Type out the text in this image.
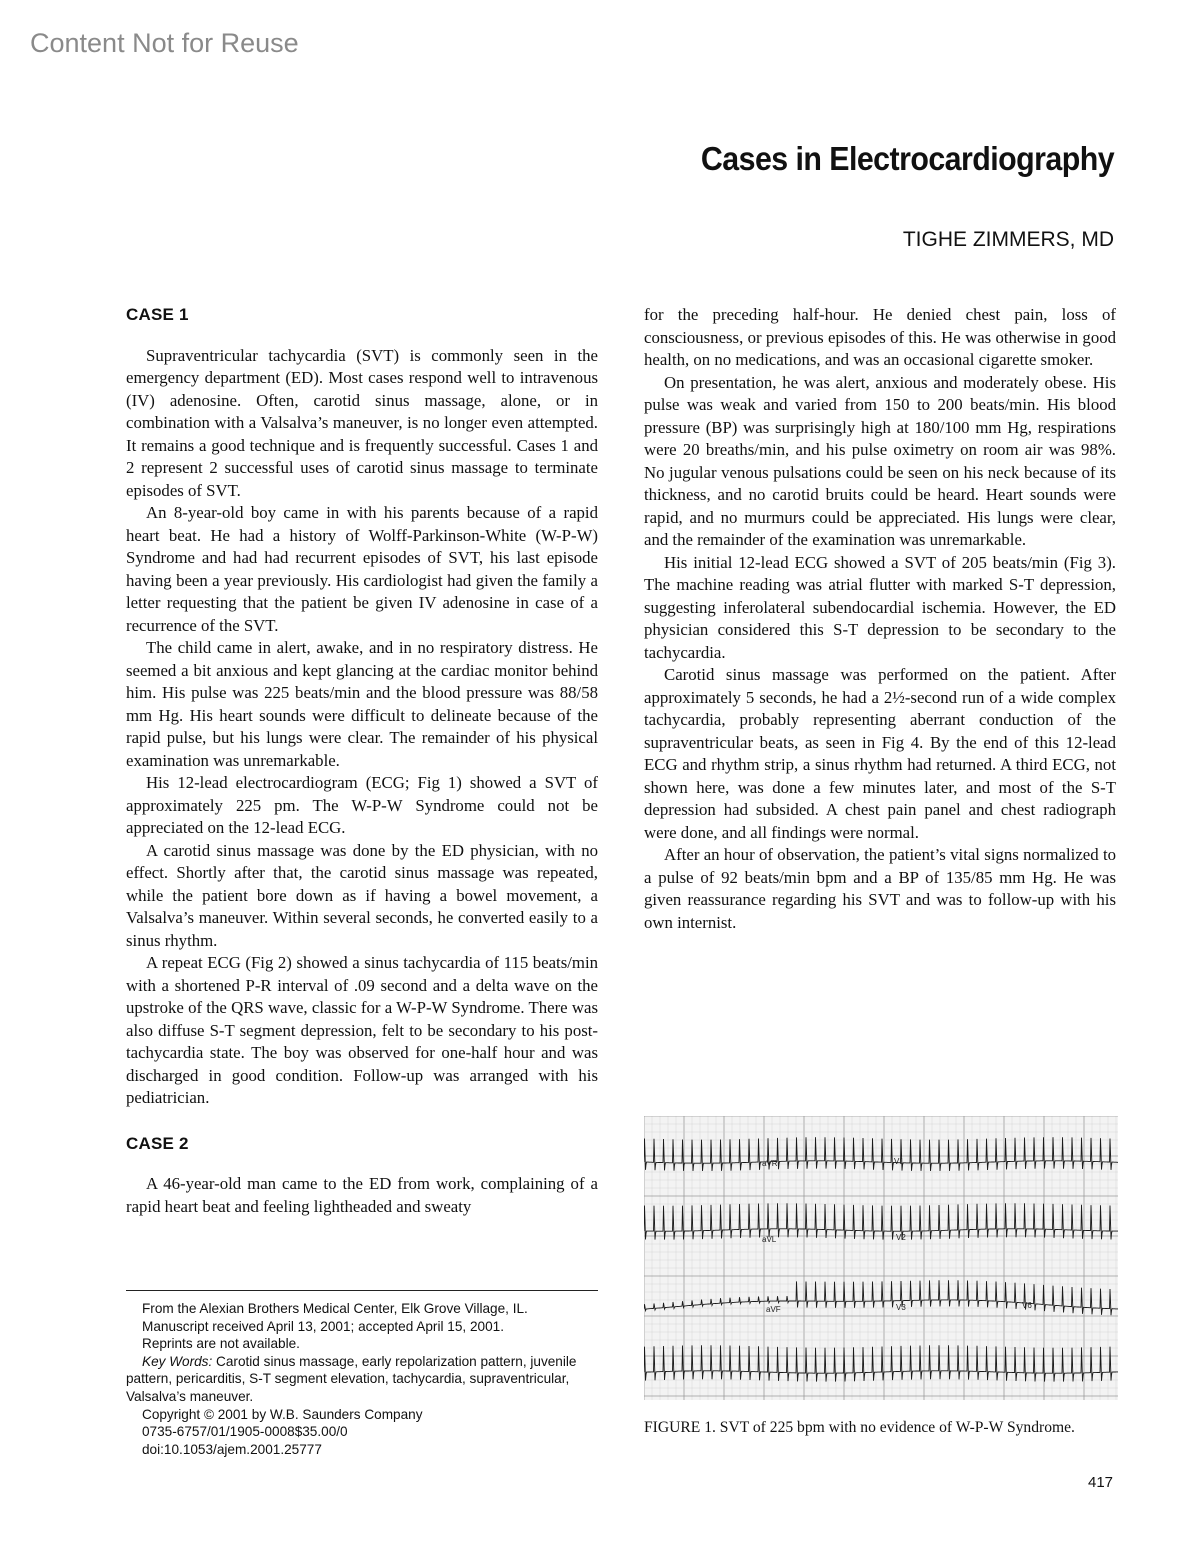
Content Not for Reuse
Cases in Electrocardiography
TIGHE ZIMMERS, MD
CASE 1

Supraventricular tachycardia (SVT) is commonly seen in the emergency department (ED). Most cases respond well to intravenous (IV) adenosine. Often, carotid sinus massage, alone, or in combination with a Valsalva’s maneuver, is no longer even attempted. It remains a good technique and is frequently successful. Cases 1 and 2 represent 2 successful uses of carotid sinus massage to terminate episodes of SVT.

An 8-year-old boy came in with his parents because of a rapid heart beat. He had a history of Wolff-Parkinson-White (W-P-W) Syndrome and had had recurrent episodes of SVT, his last episode having been a year previously. His cardiologist had given the family a letter requesting that the patient be given IV adenosine in case of a recurrence of the SVT.

The child came in alert, awake, and in no respiratory distress. He seemed a bit anxious and kept glancing at the cardiac monitor behind him. His pulse was 225 beats/min and the blood pressure was 88/58 mm Hg. His heart sounds were difficult to delineate because of the rapid pulse, but his lungs were clear. The remainder of his physical examination was unremarkable.

His 12-lead electrocardiogram (ECG; Fig 1) showed a SVT of approximately 225 pm. The W-P-W Syndrome could not be appreciated on the 12-lead ECG.

A carotid sinus massage was done by the ED physician, with no effect. Shortly after that, the carotid sinus massage was repeated, while the patient bore down as if having a bowel movement, a Valsalva’s maneuver. Within several seconds, he converted easily to a sinus rhythm.

A repeat ECG (Fig 2) showed a sinus tachycardia of 115 beats/min with a shortened P-R interval of .09 second and a delta wave on the upstroke of the QRS wave, classic for a W-P-W Syndrome. There was also diffuse S-T segment depression, felt to be secondary to his post-tachycardia state. The boy was observed for one-half hour and was discharged in good condition. Follow-up was arranged with his pediatrician.

CASE 2

A 46-year-old man came to the ED from work, complaining of a rapid heart beat and feeling lightheaded and sweaty

for the preceding half-hour. He denied chest pain, loss of consciousness, or previous episodes of this. He was otherwise in good health, on no medications, and was an occasional cigarette smoker.

On presentation, he was alert, anxious and moderately obese. His pulse was weak and varied from 150 to 200 beats/min. His blood pressure (BP) was surprisingly high at 180/100 mm Hg, respirations were 20 breaths/min, and his pulse oximetry on room air was 98%. No jugular venous pulsations could be seen on his neck because of its thickness, and no carotid bruits could be heard. Heart sounds were rapid, and no murmurs could be appreciated. His lungs were clear, and the remainder of the examination was unremarkable.

His initial 12-lead ECG showed a SVT of 205 beats/min (Fig 3). The machine reading was atrial flutter with marked S-T depression, suggesting inferolateral subendocardial ischemia. However, the ED physician considered this S-T depression to be secondary to the tachycardia.

Carotid sinus massage was performed on the patient. After approximately 5 seconds, he had a 2½-second run of a wide complex tachycardia, probably representing aberrant conduction of the supraventricular beats, as seen in Fig 4. By the end of this 12-lead ECG and rhythm strip, a sinus rhythm had returned. A third ECG, not shown here, was done a few minutes later, and most of the S-T depression had subsided. A chest pain panel and chest radiograph were done, and all findings were normal.

After an hour of observation, the patient’s vital signs normalized to a pulse of 92 beats/min bpm and a BP of 135/85 mm Hg. He was given reassurance regarding his SVT and was to follow-up with his own internist.

From the Alexian Brothers Medical Center, Elk Grove Village, IL.
Manuscript received April 13, 2001; accepted April 15, 2001.
Reprints are not available.
Key Words: Carotid sinus massage, early repolarization pattern, juvenile pattern, pericarditis, S-T segment elevation, tachycardia, supraventricular, Valsalva’s maneuver.
Copyright © 2001 by W.B. Saunders Company
0735-6757/01/1905-0008$35.00/0
doi:10.1053/ajem.2001.25777
aVR	V1
aVL	V2
aVF	V3	V6
FIGURE 1. SVT of 225 bpm with no evidence of W-P-W Syndrome.
417
